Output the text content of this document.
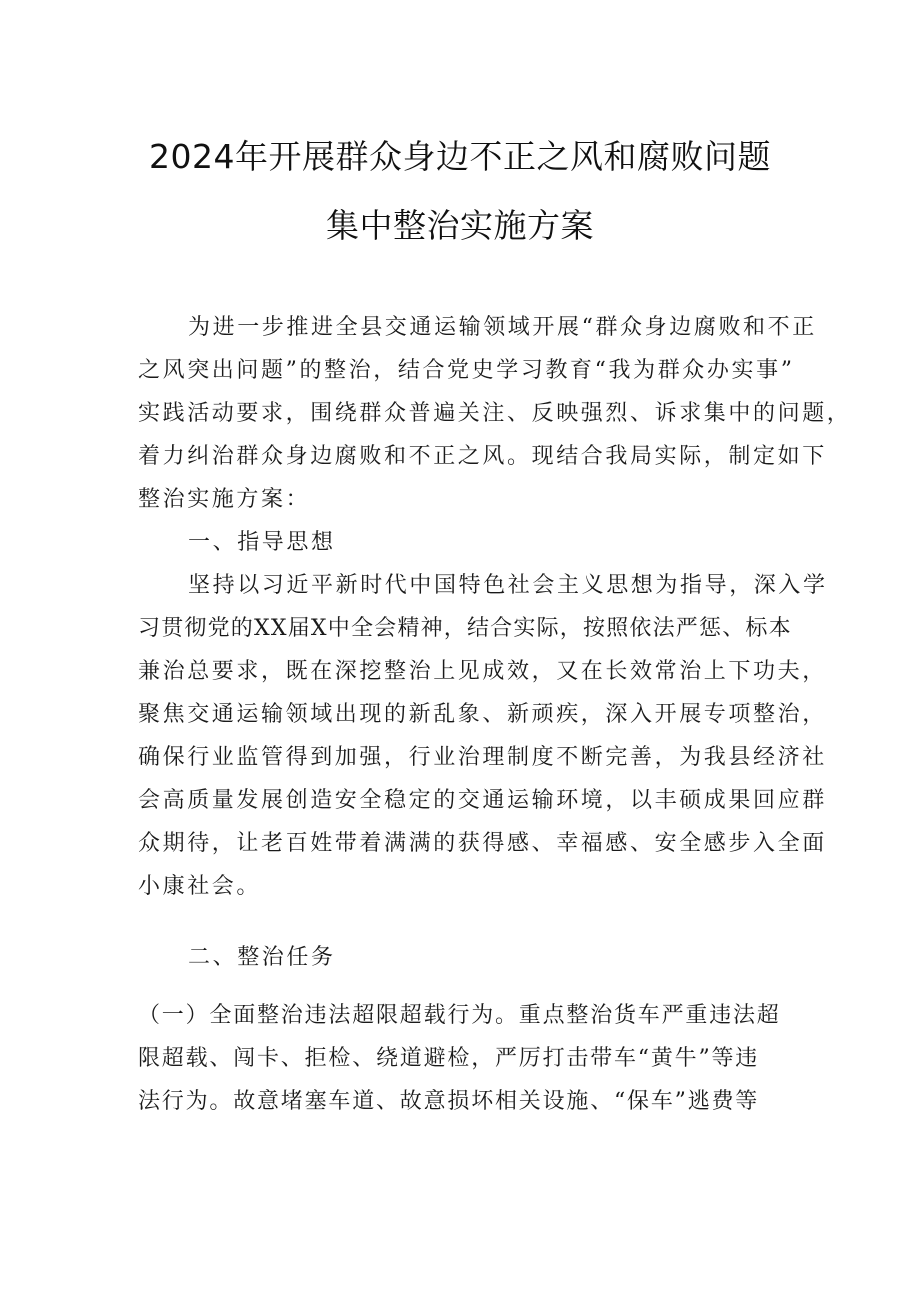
2024年开展群众身边不正之风和腐败问题
集中整治实施方案
为进一步推进全县交通运输领域开展“群众身边腐败和不正
之风突出问题”的整治，结合党史学习教育“我为群众办实事”
实践活动要求，围绕群众普遍关注、反映强烈、诉求集中的问题，
着力纠治群众身边腐败和不正之风。现结合我局实际，制定如下
整治实施方案：
一、指导思想
坚持以习近平新时代中国特色社会主义思想为指导，深入学
习贯彻党的XX届X中全会精神，结合实际，按照依法严惩、标本
兼治总要求，既在深挖整治上见成效，又在长效常治上下功夫，
聚焦交通运输领域出现的新乱象、新顽疾，深入开展专项整治，
确保行业监管得到加强，行业治理制度不断完善，为我县经济社
会高质量发展创造安全稳定的交通运输环境，以丰硕成果回应群
众期待，让老百姓带着满满的获得感、幸福感、安全感步入全面
小康社会。
二、整治任务
（一）全面整治违法超限超载行为。重点整治货车严重违法超
限超载、闯卡、拒检、绕道避检，严厉打击带车“黄牛”等违
法行为。故意堵塞车道、故意损坏相关设施、“保车”逃费等
